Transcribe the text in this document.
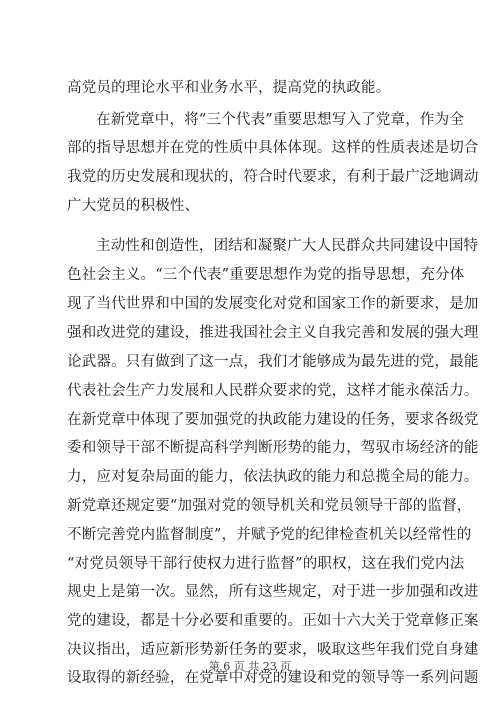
高党员的理论水平和业务水平，提高党的执政能。
在新党章中，将“三个代表”重要思想写入了党章，作为全
部的指导思想并在党的性质中具体体现。这样的性质表述是切合
我党的历史发展和现状的，符合时代要求，有利于最广泛地调动
广大党员的积极性、
主动性和创造性，团结和凝聚广大人民群众共同建设中国特
色社会主义。“三个代表”重要思想作为党的指导思想，充分体
现了当代世界和中国的发展变化对党和国家工作的新要求，是加
强和改进党的建设，推进我国社会主义自我完善和发展的强大理
论武器。只有做到了这一点，我们才能够成为最先进的党，最能
代表社会生产力发展和人民群众要求的党，这样才能永葆活力。
在新党章中体现了要加强党的执政能力建设的任务，要求各级党
委和领导干部不断提高科学判断形势的能力，驾驭市场经济的能
力，应对复杂局面的能力，依法执政的能力和总揽全局的能力。
新党章还规定要“加强对党的领导机关和党员领导干部的监督，
不断完善党内监督制度”，并赋予党的纪律检查机关以经常性的
“对党员领导干部行使权力进行监督”的职权，这在我们党内法
规史上是第一次。显然，所有这些规定，对于进一步加强和改进
党的建设，都是十分必要和重要的。正如十六大关于党章修正案
决议指出，适应新形势新任务的要求，吸取这些年我们党自身建
设取得的新经验，在党章中对党的建设和党的领导等一系列问题
第 6 页 共 23 页
